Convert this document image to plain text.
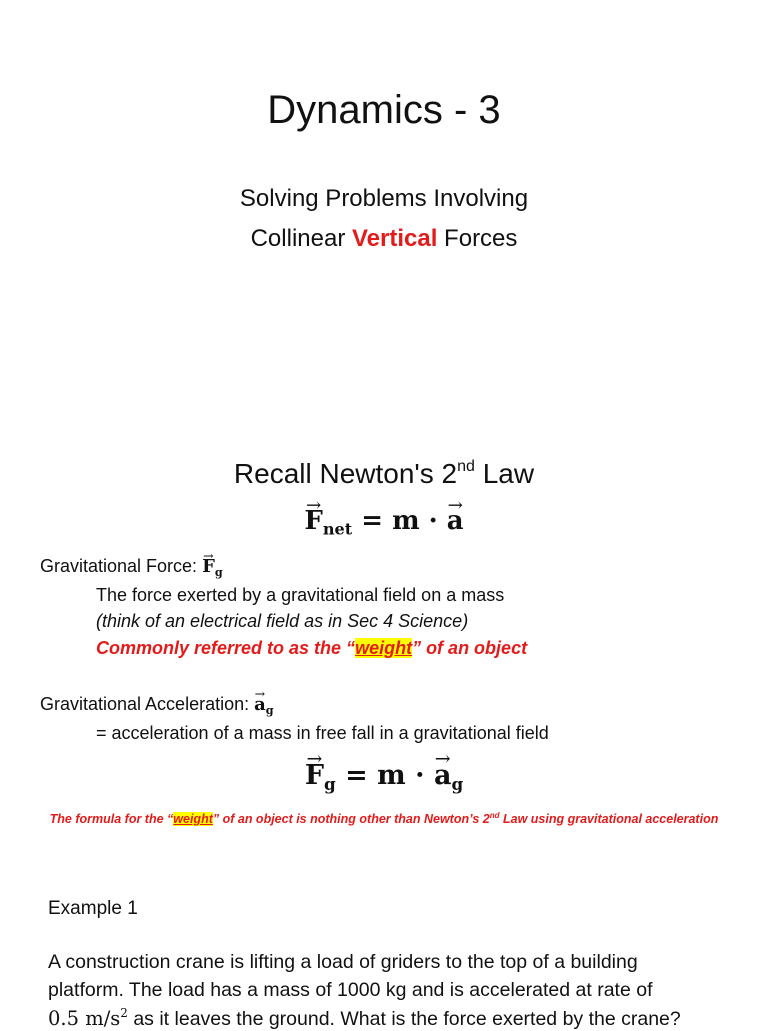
Dynamics - 3
Solving Problems Involving
Collinear Vertical Forces
Recall Newton's 2nd Law
→ $F_{net} = m$ · → a
Gravitational Force: → $F_g$
The force exerted by a gravitational field on a mass
(think of an electrical field as in Sec 4 Science)
Commonly referred to as the “weight” of an object
Gravitational Acceleration: → $a_g$
= acceleration of a mass in free fall in a gravitational field
→ $F_g = m$ · → $a_g$
The formula for the “weight” of an object is nothing other than Newton’s 2nd Law using gravitational acceleration
Example 1
A construction crane is lifting a load of griders to the top of a building
platform. The load has a mass of 1000 kg and is accelerated at rate of
0.5 $m/s^2$ as it leaves the ground. What is the force exerted by the crane?
